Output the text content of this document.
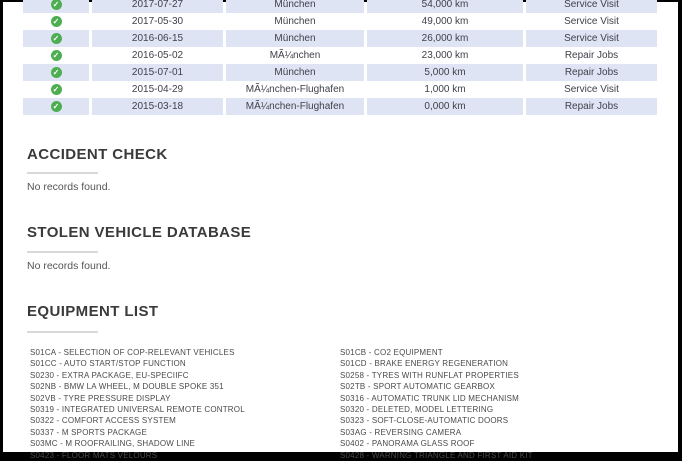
✓	2017-07-27	München	54,000 km	Service Visit
✓	2017-05-30	München	49,000 km	Service Visit
✓	2016-06-15	München	26,000 km	Service Visit
✓	2016-05-02	MÃ¼nchen	23,000 km	Repair Jobs
✓	2015-07-01	München	5,000 km	Repair Jobs
✓	2015-04-29	MÃ¼nchen-Flughafen	1,000 km	Service Visit
✓	2015-03-18	MÃ¼nchen-Flughafen	0,000 km	Repair Jobs
ACCIDENT CHECK
No records found.
STOLEN VEHICLE DATABASE
No records found.
EQUIPMENT LIST
S01CA - SELECTION OF COP-RELEVANT VEHICLES
S01CC - AUTO START/STOP FUNCTION
S0230 - EXTRA PACKAGE, EU-SPECIIFC
S02NB - BMW LA WHEEL, M DOUBLE SPOKE 351
S02VB - TYRE PRESSURE DISPLAY
S0319 - INTEGRATED UNIVERSAL REMOTE CONTROL
S0322 - COMFORT ACCESS SYSTEM
S0337 - M SPORTS PACKAGE
S03MC - M ROOFRAILING, SHADOW LINE
S0423 - FLOOR MATS VELOURS
S01CB - CO2 EQUIPMENT
S01CD - BRAKE ENERGY REGENERATION
S0258 - TYRES WITH RUNFLAT PROPERTIES
S02TB - SPORT AUTOMATIC GEARBOX
S0316 - AUTOMATIC TRUNK LID MECHANISM
S0320 - DELETED, MODEL LETTERING
S0323 - SOFT-CLOSE-AUTOMATIC DOORS
S03AG - REVERSING CAMERA
S0402 - PANORAMA GLASS ROOF
S0428 - WARNING TRIANGLE AND FIRST AID KIT
